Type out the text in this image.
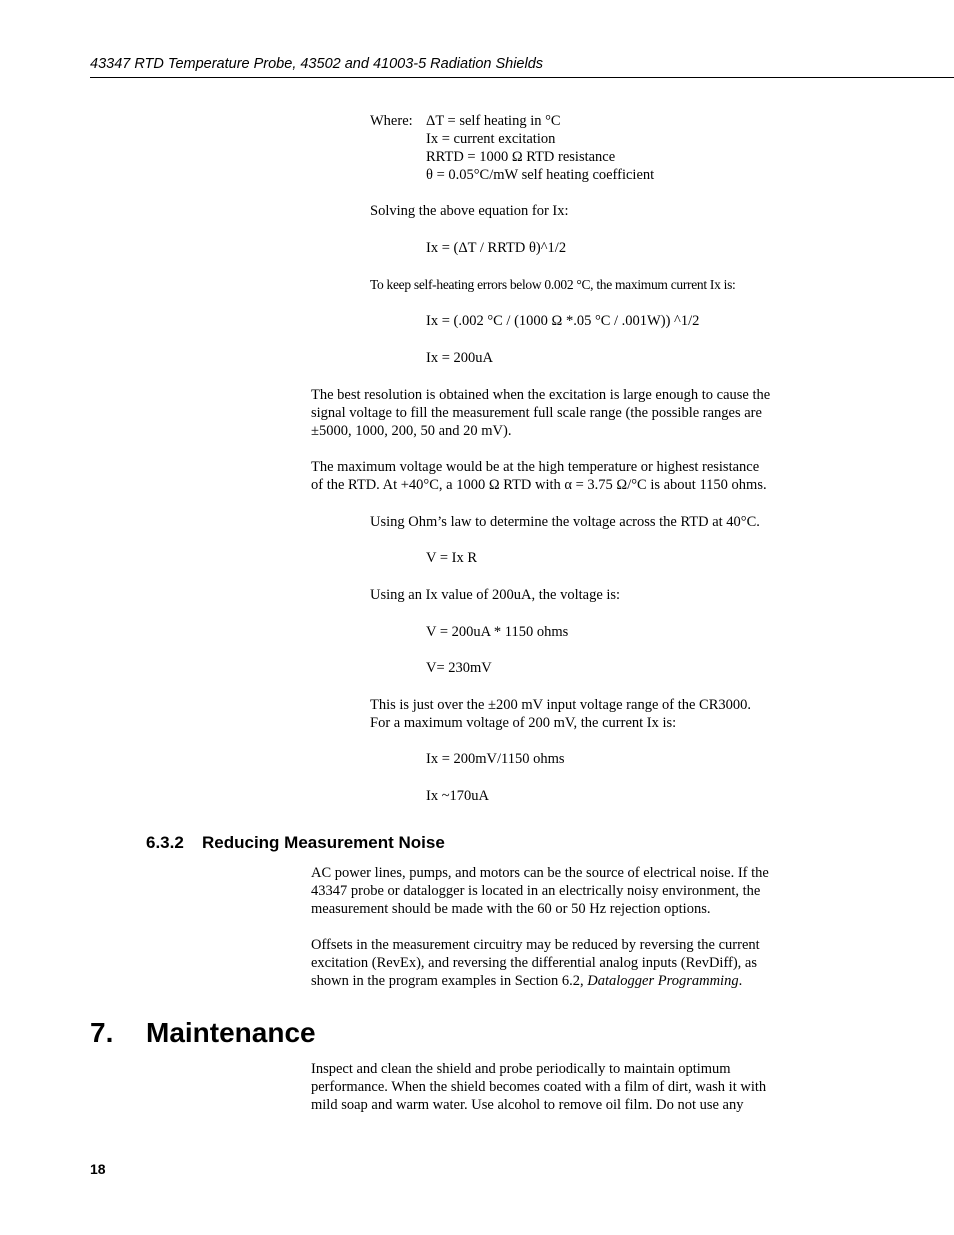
43347 RTD Temperature Probe, 43502 and 41003-5 Radiation Shields
Where: ΔT = self heating in °C
Ix = current excitation
RRTD = 1000 Ω RTD resistance
θ = 0.05°C/mW self heating coefficient
Solving the above equation for Ix:
Ix = (ΔT / RRTD θ)^1/2
To keep self-heating errors below 0.002 °C, the maximum current Ix is:
Ix = (.002 °C / (1000 Ω *.05 °C / .001W)) ^1/2
Ix = 200uA
The best resolution is obtained when the excitation is large enough to cause the
signal voltage to fill the measurement full scale range (the possible ranges are
±5000, 1000, 200, 50 and 20 mV).
The maximum voltage would be at the high temperature or highest resistance
of the RTD. At +40°C, a 1000 Ω RTD with α = 3.75 Ω/°C is about 1150 ohms.
Using Ohm’s law to determine the voltage across the RTD at 40°C.
V = Ix R
Using an Ix value of 200uA, the voltage is:
V = 200uA * 1150 ohms
V= 230mV
This is just over the ±200 mV input voltage range of the CR3000.
For a maximum voltage of 200 mV, the current Ix is:
Ix = 200mV/1150 ohms
Ix ~170uA
6.3.2 Reducing Measurement Noise
AC power lines, pumps, and motors can be the source of electrical noise. If the
43347 probe or datalogger is located in an electrically noisy environment, the
measurement should be made with the 60 or 50 Hz rejection options.
Offsets in the measurement circuitry may be reduced by reversing the current
excitation (RevEx), and reversing the differential analog inputs (RevDiff), as
shown in the program examples in Section 6.2, Datalogger Programming.
7. Maintenance
Inspect and clean the shield and probe periodically to maintain optimum
performance. When the shield becomes coated with a film of dirt, wash it with
mild soap and warm water. Use alcohol to remove oil film. Do not use any
18
